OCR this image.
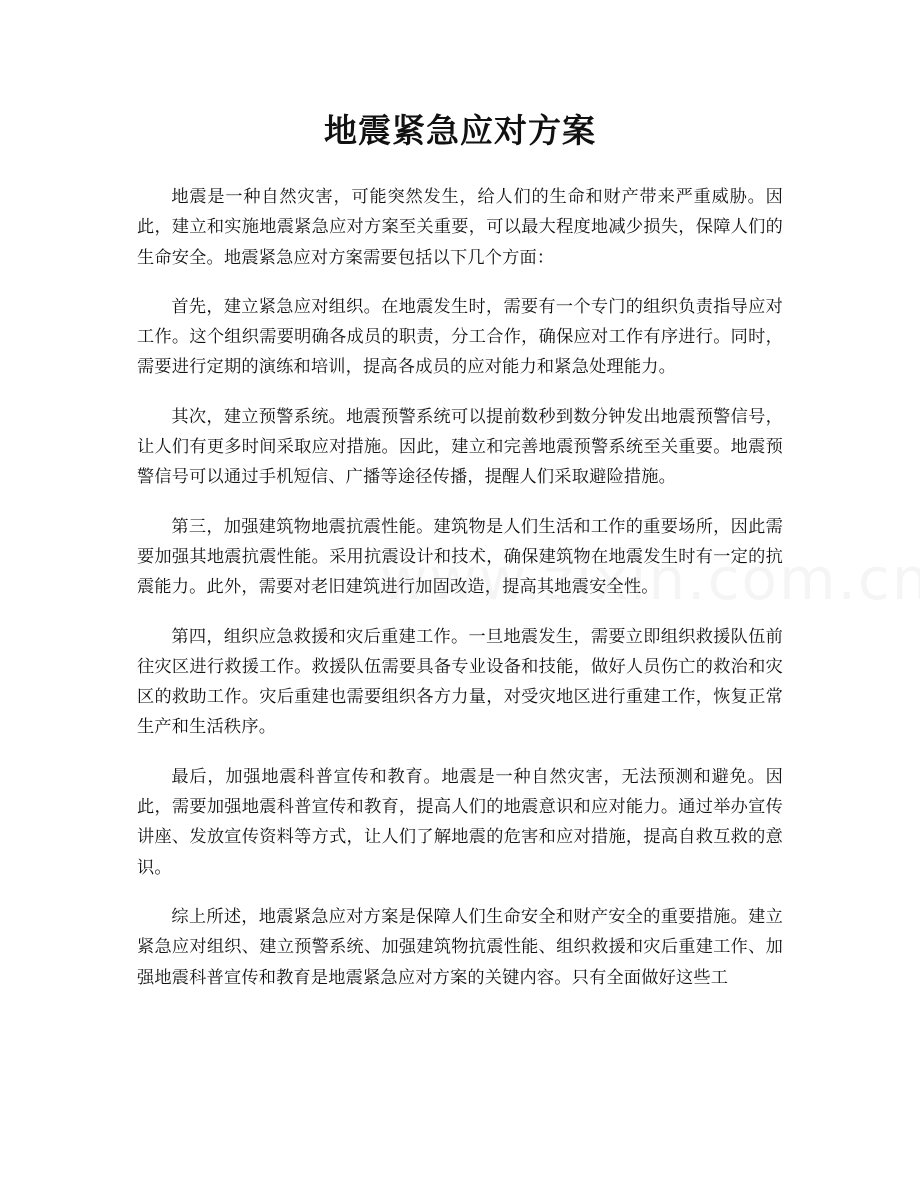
地震紧急应对方案

地震是一种自然灾害，可能突然发生，给人们的生命和财产带来严重威胁。因此，建立和实施地震紧急应对方案至关重要，可以最大程度地减少损失，保障人们的生命安全。地震紧急应对方案需要包括以下几个方面：

首先，建立紧急应对组织。在地震发生时，需要有一个专门的组织负责指导应对工作。这个组织需要明确各成员的职责，分工合作，确保应对工作有序进行。同时，需要进行定期的演练和培训，提高各成员的应对能力和紧急处理能力。

其次，建立预警系统。地震预警系统可以提前数秒到数分钟发出地震预警信号，让人们有更多时间采取应对措施。因此，建立和完善地震预警系统至关重要。地震预警信号可以通过手机短信、广播等途径传播，提醒人们采取避险措施。

第三，加强建筑物地震抗震性能。建筑物是人们生活和工作的重要场所，因此需要加强其地震抗震性能。采用抗震设计和技术，确保建筑物在地震发生时有一定的抗震能力。此外，需要对老旧建筑进行加固改造，提高其地震安全性。

第四，组织应急救援和灾后重建工作。一旦地震发生，需要立即组织救援队伍前往灾区进行救援工作。救援队伍需要具备专业设备和技能，做好人员伤亡的救治和灾区的救助工作。灾后重建也需要组织各方力量，对受灾地区进行重建工作，恢复正常生产和生活秩序。

最后，加强地震科普宣传和教育。地震是一种自然灾害，无法预测和避免。因此，需要加强地震科普宣传和教育，提高人们的地震意识和应对能力。通过举办宣传讲座、发放宣传资料等方式，让人们了解地震的危害和应对措施，提高自救互救的意识。

综上所述，地震紧急应对方案是保障人们生命安全和财产安全的重要措施。建立紧急应对组织、建立预警系统、加强建筑物抗震性能、组织救援和灾后重建工作、加强地震科普宣传和教育是地震紧急应对方案的关键内容。只有全面做好这些工
